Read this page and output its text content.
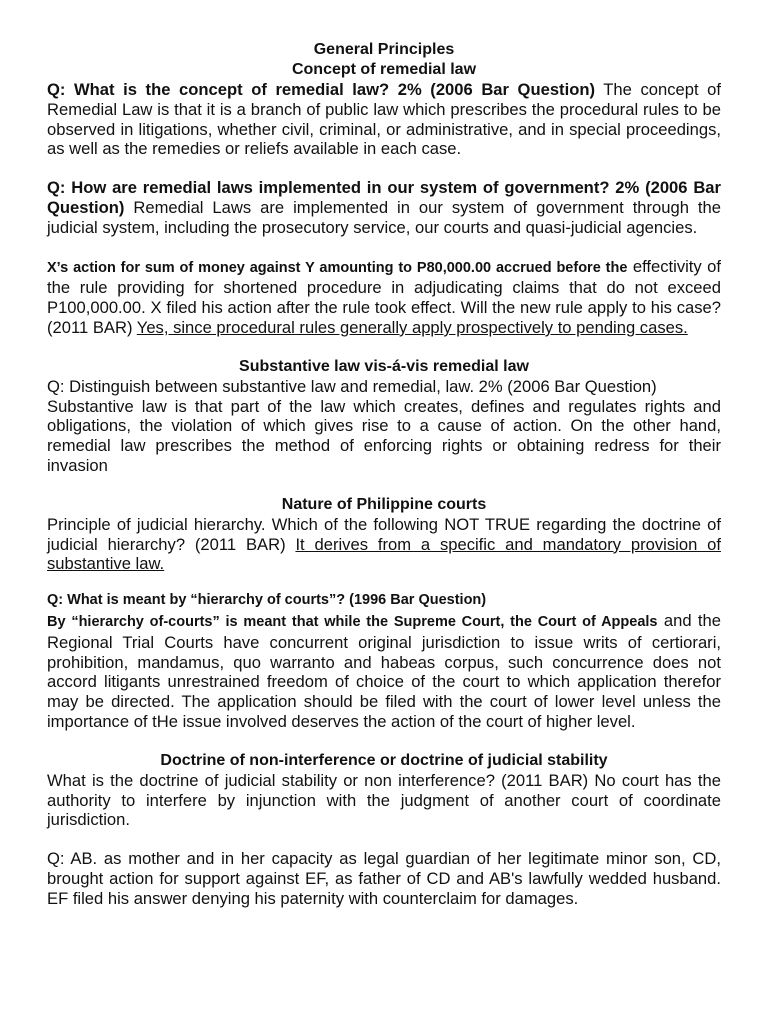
General Principles
Concept of remedial law

Q: What is the concept of remedial law? 2% (2006 Bar Question) The concept of Remedial Law is that it is a branch of public law which prescribes the procedural rules to be observed in litigations, whether civil, criminal, or administrative, and in special proceedings, as well as the remedies or reliefs available in each case.

Q: How are remedial laws implemented in our system of government? 2% (2006 Bar Question) Remedial Laws are implemented in our system of government through the judicial system, including the prosecutory service, our courts and quasi-judicial agencies.

X’s action for sum of money against Y amounting to P80,000.00 accrued before the effectivity of the rule providing for shortened procedure in adjudicating claims that do not exceed P100,000.00. X filed his action after the rule took effect. Will the new rule apply to his case? (2011 BAR) Yes, since procedural rules generally apply prospectively to pending cases.

Substantive law vis-á-vis remedial law

Q: Distinguish between substantive law and remedial, law. 2% (2006 Bar Question)

Substantive law is that part of the law which creates, defines and regulates rights and obligations, the violation of which gives rise to a cause of action. On the other hand, remedial law prescribes the method of enforcing rights or obtaining redress for their invasion

Nature of Philippine courts

Principle of judicial hierarchy. Which of the following NOT TRUE regarding the doctrine of judicial hierarchy? (2011 BAR) It derives from a specific and mandatory provision of substantive law.

Q: What is meant by “hierarchy of courts”? (1996 Bar Question)

By “hierarchy of-courts” is meant that while the Supreme Court, the Court of Appeals and the Regional Trial Courts have concurrent original jurisdiction to issue writs of certiorari, prohibition, mandamus, quo warranto and habeas corpus, such concurrence does not accord litigants unrestrained freedom of choice of the court to which application therefor may be directed. The application should be filed with the court of lower level unless the importance of tHe issue involved deserves the action of the court of higher level.

Doctrine of non-interference or doctrine of judicial stability

What is the doctrine of judicial stability or non interference? (2011 BAR) No court has the authority to interfere by injunction with the judgment of another court of coordinate jurisdiction.

Q: AB. as mother and in her capacity as legal guardian of her legitimate minor son, CD, brought action for support against EF, as father of CD and AB's lawfully wedded husband. EF filed his answer denying his paternity with counterclaim for damages.
